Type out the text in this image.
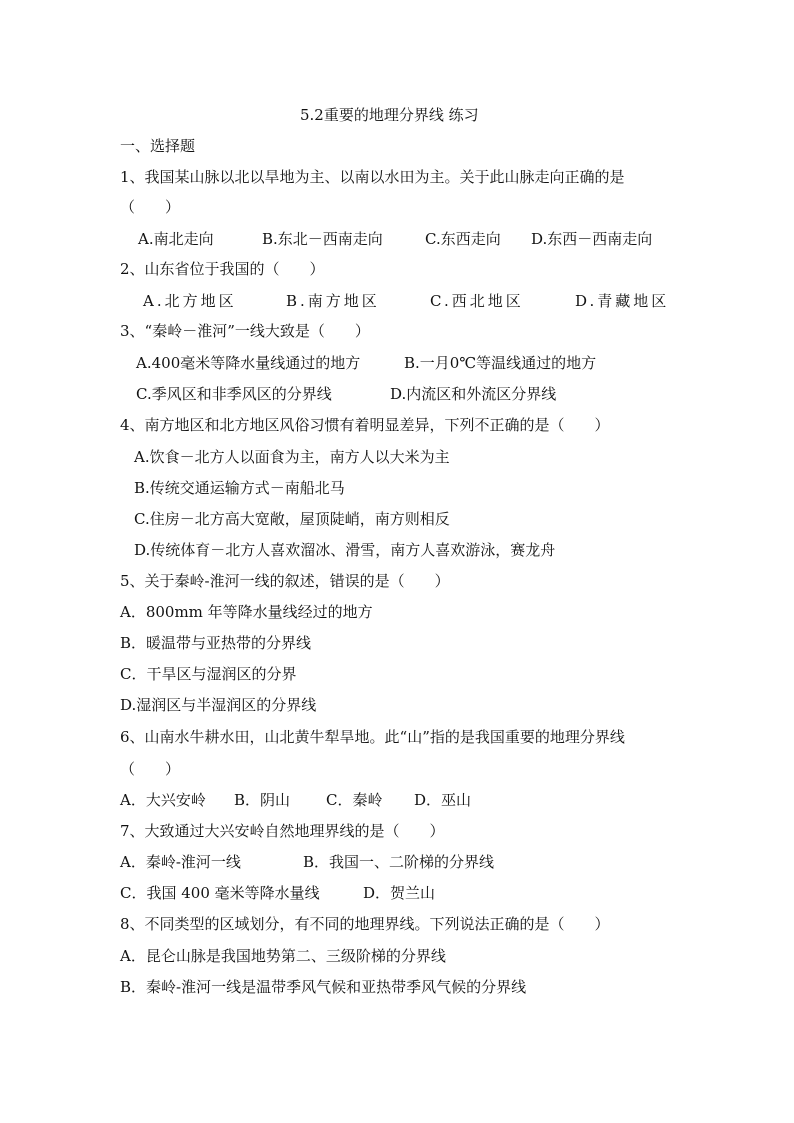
5.2重要的地理分界线 练习
一、选择题
1、我国某山脉以北以旱地为主、以南以水田为主。关于此山脉走向正确的是
（　　）
A.南北走向	B.东北－西南走向	C.东西走向 D.东西－西南走向
2、山东省位于我国的（　　）
A.北方地区	B.南方地区	C.西北地区	D.青藏地区
3、“秦岭－淮河”一线大致是（　　）
A.400毫米等降水量线通过的地方	B.一月0℃等温线通过的地方
C.季风区和非季风区的分界线	D.内流区和外流区分界线
4、南方地区和北方地区风俗习惯有着明显差异，下列不正确的是（　　）
A.饮食－北方人以面食为主，南方人以大米为主
B.传统交通运输方式－南船北马
C.住房－北方高大宽敞，屋顶陡峭，南方则相反
D.传统体育－北方人喜欢溜冰、滑雪，南方人喜欢游泳，赛龙舟
5、关于秦岭-淮河一线的叙述，错误的是（　　）
A．800mm 年等降水量线经过的地方
B．暖温带与亚热带的分界线
C．干旱区与湿润区的分界
D.湿润区与半湿润区的分界线
6、山南水牛耕水田，山北黄牛犁旱地。此“山”指的是我国重要的地理分界线
（　　）
A．大兴安岭 B．阴山 C．秦岭 D．巫山
7、大致通过大兴安岭自然地理界线的是（　　）
A．秦岭-淮河一线	B．我国一、二阶梯的分界线
C．我国 400 毫米等降水量线	D．贺兰山
8、不同类型的区域划分，有不同的地理界线。下列说法正确的是（　　）
A．昆仑山脉是我国地势第二、三级阶梯的分界线
B．秦岭-淮河一线是温带季风气候和亚热带季风气候的分界线
